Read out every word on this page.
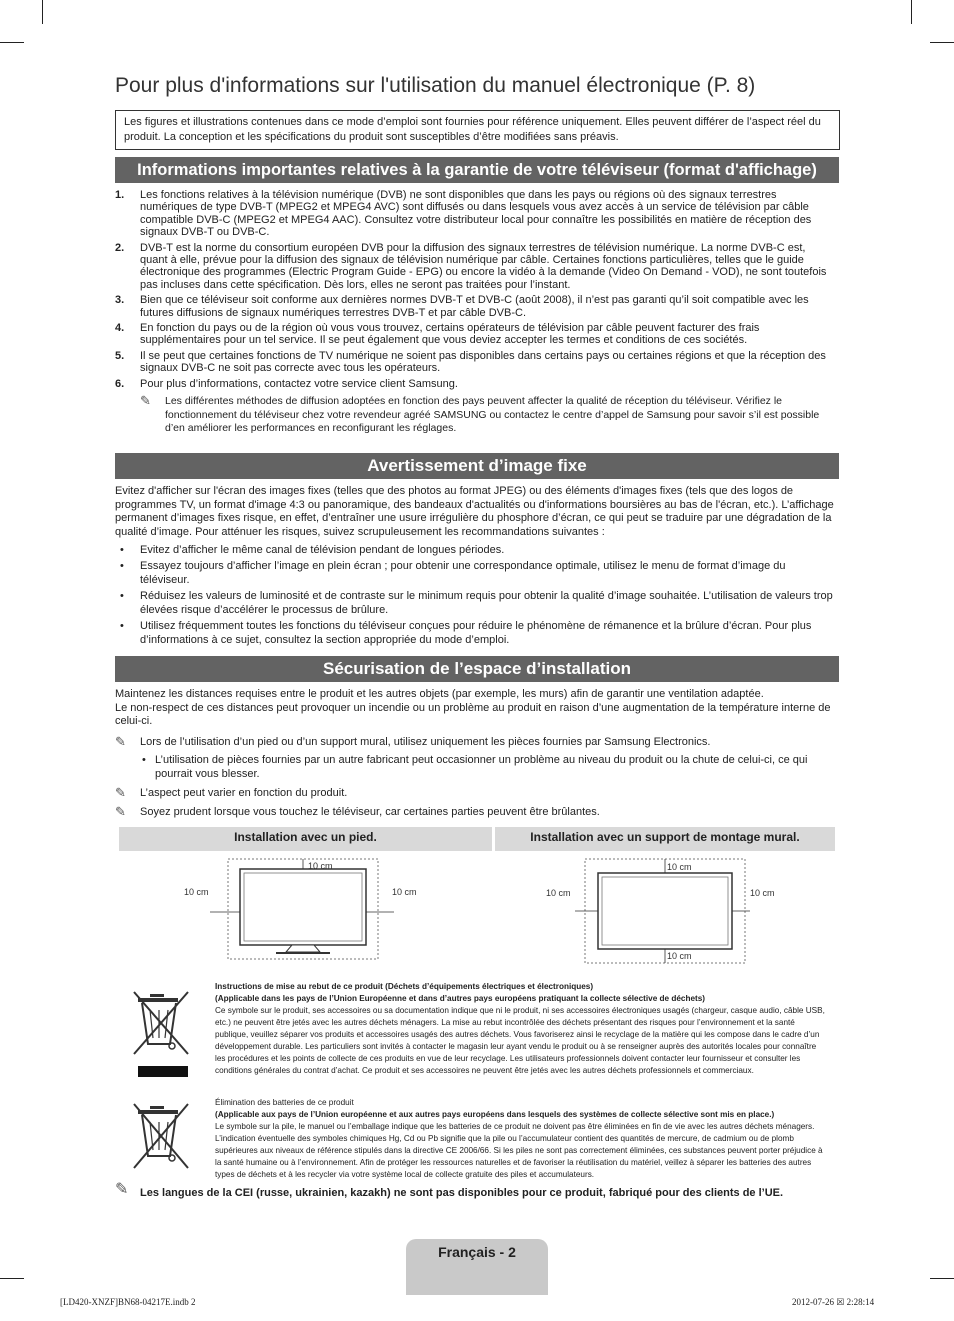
Pour plus d'informations sur l'utilisation du manuel électronique (P. 8)
Les figures et illustrations contenues dans ce mode d’emploi sont fournies pour référence uniquement. Elles peuvent différer de l’aspect réel du produit. La conception et les spécifications du produit sont susceptibles d’être modifiées sans préavis.
Informations importantes relatives à la garantie de votre téléviseur (format d'affichage)
1. Les fonctions relatives à la télévision numérique (DVB) ne sont disponibles que dans les pays ou régions où des signaux terrestres numériques de type DVB-T (MPEG2 et MPEG4 AVC) sont diffusés ou dans lesquels vous avez accès à un service de télévision par câble compatible DVB-C (MPEG2 et MPEG4 AAC). Consultez votre distributeur local pour connaître les possibilités en matière de réception des signaux DVB-T ou DVB-C.
2. DVB-T est la norme du consortium européen DVB pour la diffusion des signaux terrestres de télévision numérique. La norme DVB-C est, quant à elle, prévue pour la diffusion des signaux de télévision numérique par câble. Certaines fonctions particulières, telles que le guide électronique des programmes (Electric Program Guide - EPG) ou encore la vidéo à la demande (Video On Demand - VOD), ne sont toutefois pas incluses dans cette spécification. Dès lors, elles ne seront pas traitées pour l’instant.
3. Bien que ce téléviseur soit conforme aux dernières normes DVB-T et DVB-C (août 2008), il n’est pas garanti qu’il soit compatible avec les futures diffusions de signaux numériques terrestres DVB-T et par câble DVB-C.
4. En fonction du pays ou de la région où vous vous trouvez, certains opérateurs de télévision par câble peuvent facturer des frais supplémentaires pour un tel service. Il se peut également que vous deviez accepter les termes et conditions de ces sociétés.
5. Il se peut que certaines fonctions de TV numérique ne soient pas disponibles dans certains pays ou certaines régions et que la réception des signaux DVB-C ne soit pas correcte avec tous les opérateurs.
6. Pour plus d’informations, contactez votre service client Samsung.
✎ Les différentes méthodes de diffusion adoptées en fonction des pays peuvent affecter la qualité de réception du téléviseur. Vérifiez le fonctionnement du téléviseur chez votre revendeur agréé SAMSUNG ou contactez le centre d’appel de Samsung pour savoir s’il est possible d’en améliorer les performances en reconfigurant les réglages.
Avertissement d’image fixe

Evitez d'afficher sur l'écran des images fixes (telles que des photos au format JPEG) ou des éléments d'images fixes (tels que des logos de programmes TV, un format d'image 4:3 ou panoramique, des bandeaux d'actualités ou d'informations boursières au bas de l'écran, etc.). L’affichage permanent d’images fixes risque, en effet, d’entraîner une usure irrégulière du phosphore d’écran, ce qui peut se traduire par une dégradation de la qualité d’image. Pour atténuer les risques, suivez scrupuleusement les recommandations suivantes :

• Evitez d’afficher le même canal de télévision pendant de longues périodes.
• Essayez toujours d’afficher l’image en plein écran ; pour obtenir une correspondance optimale, utilisez le menu de format d’image du téléviseur.
• Réduisez les valeurs de luminosité et de contraste sur le minimum requis pour obtenir la qualité d’image souhaitée. L’utilisation de valeurs trop élevées risque d’accélérer le processus de brûlure.
• Utilisez fréquemment toutes les fonctions du téléviseur conçues pour réduire le phénomène de rémanence et la brûlure d’écran. Pour plus d’informations à ce sujet, consultez la section appropriée du mode d’emploi.
Sécurisation de l’espace d’installation

Maintenez les distances requises entre le produit et les autres objets (par exemple, les murs) afin de garantir une ventilation adaptée.
Le non-respect de ces distances peut provoquer un incendie ou un problème au produit en raison d’une augmentation de la température interne de celui-ci.

✎ Lors de l’utilisation d’un pied ou d’un support mural, utilisez uniquement les pièces fournies par Samsung Electronics.
• L’utilisation de pièces fournies par un autre fabricant peut occasionner un problème au niveau du produit ou la chute de celui-ci, ce qui pourrait vous blesser.
✎ L’aspect peut varier en fonction du produit.
✎ Soyez prudent lorsque vous touchez le téléviseur, car certaines parties peuvent être brûlantes.
Installation avec un pied.	Installation avec un support de montage mural.
10 cm
10 cm	10 cm
10 cm
10 cm	10 cm
10 cm
Instructions de mise au rebut de ce produit (Déchets d’équipements électriques et électroniques)
(Applicable dans les pays de l’Union Européenne et dans d’autres pays européens pratiquant la collecte sélective de déchets)
Ce symbole sur le produit, ses accessoires ou sa documentation indique que ni le produit, ni ses accessoires électroniques usagés (chargeur, casque audio, câble USB, etc.) ne peuvent être jetés avec les autres déchets ménagers. La mise au rebut incontrôlée des déchets présentant des risques pour l’environnement et la santé publique, veuillez séparer vos produits et accessoires usagés des autres déchets. Vous favoriserez ainsi le recyclage de la matière qui les compose dans le cadre d’un développement durable. Les particuliers sont invités à contacter le magasin leur ayant vendu le produit ou à se renseigner auprès des autorités locales pour connaître les procédures et les points de collecte de ces produits en vue de leur recyclage. Les utilisateurs professionnels doivent contacter leur fournisseur et consulter les conditions générales du contrat d’achat. Ce produit et ses accessoires ne peuvent être jetés avec les autres déchets professionnels et commerciaux.
Élimination des batteries de ce produit
(Applicable aux pays de l’Union européenne et aux autres pays européens dans lesquels des systèmes de collecte sélective sont mis en place.)
Le symbole sur la pile, le manuel ou l’emballage indique que les batteries de ce produit ne doivent pas être éliminées en fin de vie avec les autres déchets ménagers. L’indication éventuelle des symboles chimiques Hg, Cd ou Pb signifie que la pile ou l’accumulateur contient des quantités de mercure, de cadmium ou de plomb supérieures aux niveaux de référence stipulés dans la directive CE 2006/66. Si les piles ne sont pas correctement éliminées, ces substances peuvent porter préjudice à la santé humaine ou à l’environnement. Afin de protéger les ressources naturelles et de favoriser la réutilisation du matériel, veillez à séparer les batteries des autres types de déchets et à les recycler via votre système local de collecte gratuite des piles et accumulateurs.
✎ Les langues de la CEI (russe, ukrainien, kazakh) ne sont pas disponibles pour ce produit, fabriqué pour des clients de l’UE.
Français - 2
[LD420-XNZF]BN68-04217E.indb 2	2012-07-26 ☒ 2:28:14
